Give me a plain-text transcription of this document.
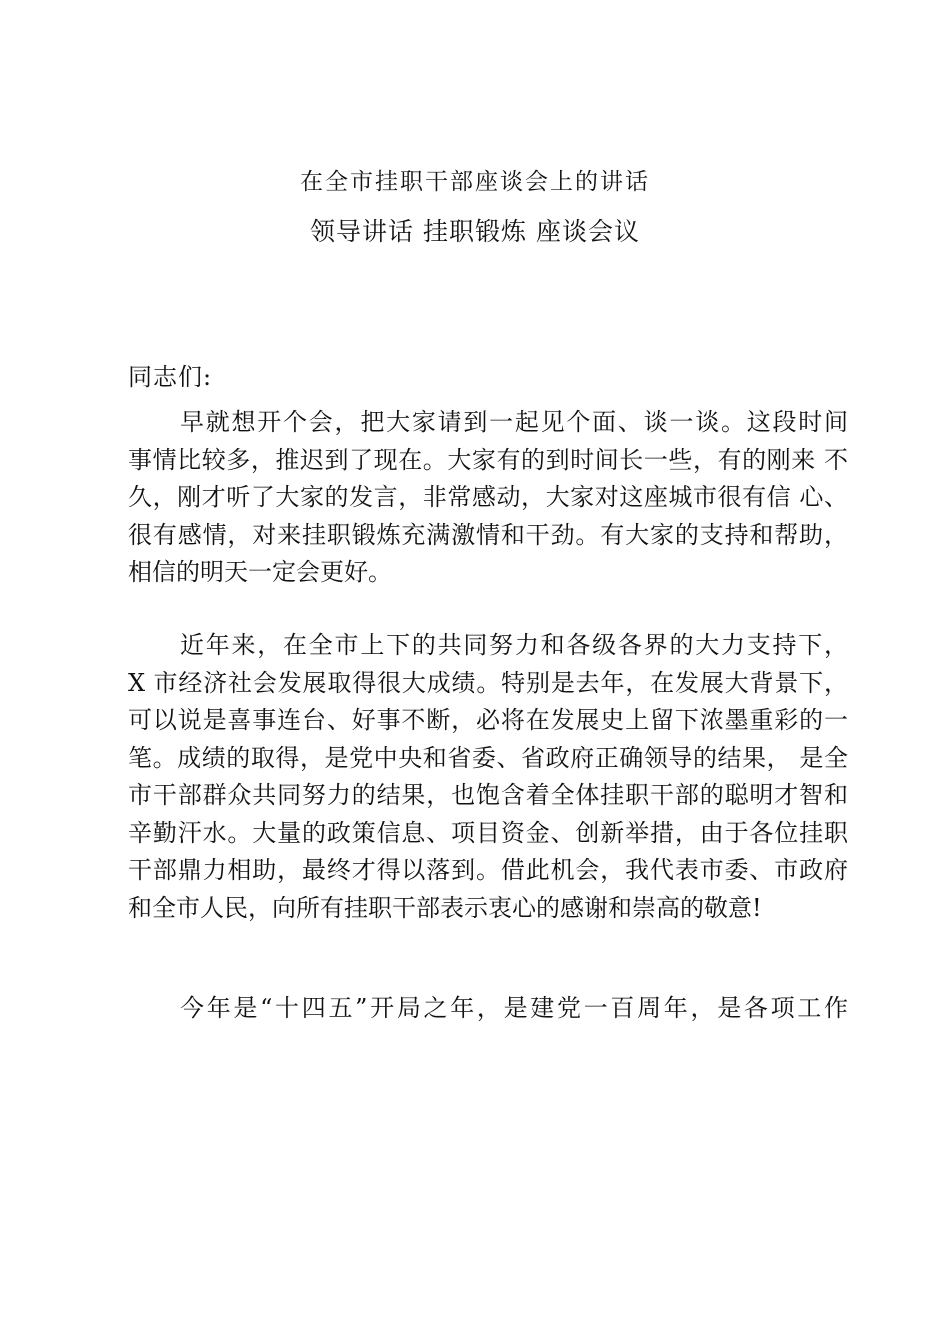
在全市挂职干部座谈会上的讲话
领导讲话 挂职锻炼 座谈会议
同志们:
早就想开个会，把大家请到一起见个面、谈一谈。这段时间
事情比较多，推迟到了现在。大家有的到时间长一些，有的刚来 不
久，刚才听了大家的发言，非常感动，大家对这座城市很有信 心、
很有感情，对来挂职锻炼充满激情和干劲。有大家的支持和帮助，
相信的明天一定会更好。
近年来，在全市上下的共同努力和各级各界的大力支持下，
X 市经济社会发展取得很大成绩。特别是去年，在发展大背景下，
可以说是喜事连台、好事不断，必将在发展史上留下浓墨重彩的一
笔。成绩的取得，是党中央和省委、省政府正确领导的结果， 是全
市干部群众共同努力的结果，也饱含着全体挂职干部的聪明才智和
辛勤汗水。大量的政策信息、项目资金、创新举措，由于各位挂职
干部鼎力相助，最终才得以落到。借此机会，我代表市委、市政府
和全市人民，向所有挂职干部表示衷心的感谢和崇高的敬意!
今年是“十四五”开局之年，是建党一百周年，是各项工作
